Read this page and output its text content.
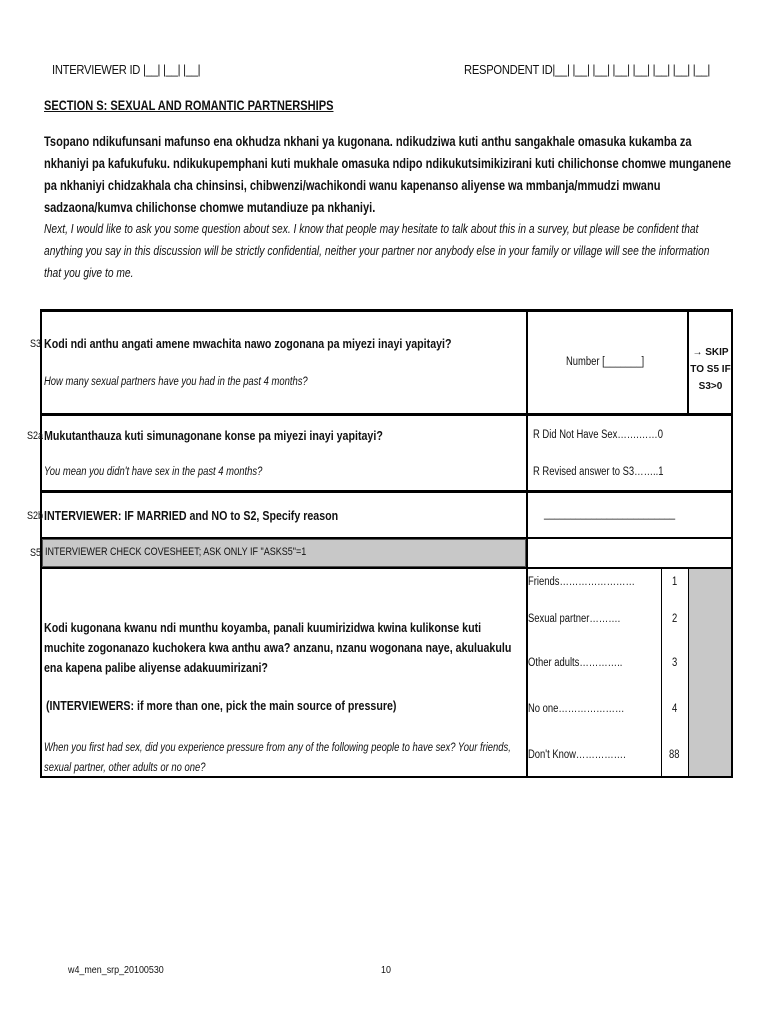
INTERVIEWER ID |__| |__| |__|	RESPONDENT ID|__| |__| |__| |__| |__| |__| |__| |__|
SECTION S: SEXUAL AND ROMANTIC PARTNERSHIPS
Tsopano ndikufunsani mafunso ena okhudza nkhani ya kugonana. ndikudziwa kuti anthu sangakhale omasuka kukamba za nkhaniyi pa kafukufuku. ndikukupemphani kuti mukhale omasuka ndipo ndikukutsimikizirani kuti chilichonse chomwe munganene pa nkhaniyi chidzakhala cha chinsinsi, chibwenzi/wachikondi wanu kapenanso aliyense wa mmbanja/mmudzi mwanu sadzaona/kumva chilichonse chomwe mutandiuze pa nkhaniyi.
Next, I would like to ask you some question about sex. I know that people may hesitate to talk about this in a survey, but please be confident that anything you say in this discussion will be strictly confidential, neither your partner nor anybody else in your family or village will see the information that you give to me.
S3 Kodi ndi anthu angati amene mwachita nawo zogonana pa miyezi inayi yapitayi?
How many sexual partners have you had in the past 4 months?
Number [_______]
→ SKIP
TO S5 IF
S3>0
S2a Mukutanthauza kuti simunagonane konse pa miyezi inayi yapitayi?
You mean you didn't have sex in the past 4 months?
R Did Not Have Sex…….……0
R Revised answer to S3……..1
S2b INTERVIEWER: IF MARRIED and NO to S2, Specify reason	_________________________
S5 INTERVIEWER CHECK COVESHEET; ASK ONLY IF "ASKS5"=1
Kodi kugonana kwanu ndi munthu koyamba, panali kuumirizidwa kwina kulikonse kuti muchite zogonanazo kuchokera kwa anthu awa? anzanu, nzanu wogonana naye, akuluakulu ena kapena palibe aliyense adakuumirizani?
(INTERVIEWERS: if more than one, pick the main source of pressure)
When you first had sex, did you experience pressure from any of the following people to have sex? Your friends, sexual partner, other adults or no one?
Friends……………………	1
Sexual partner……….	2
Other adults…………..	3
No one…………………	4
Don't Know…………….	88
w4_men_srp_20100530	10
